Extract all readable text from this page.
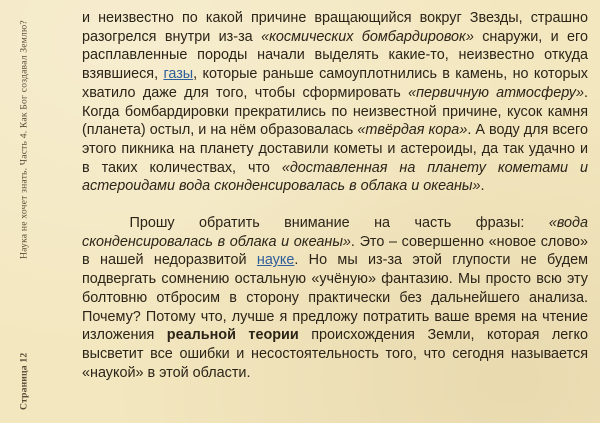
Страница 12
Наука не хочет знать. Часть 4. Как Бог создавал Землю?

и неизвестно по какой причине вращающийся вокруг Звезды, страшно разогрелся внутри из-за «космических бомбардировок» снаружи, и его расплавленные породы начали выделять какие-то, неизвестно откуда взявшиеся, газы, которые раньше самоуплотнились в камень, но которых хватило даже для того, чтобы сформировать «первичную атмосферу». Когда бомбардировки прекратились по неизвестной причине, кусок камня (планета) остыл, и на нём образовалась «твёрдая кора». А воду для всего этого пикника на планету доставили кометы и астероиды, да так удачно и в таких количествах, что «доставленная на планету кометами и астероидами вода сконденсировалась в облака и океаны».

Прошу обратить внимание на часть фразы: «вода сконденсировалась в облака и океаны». Это – совершенно «новое слово» в нашей недоразвитой науке. Но мы из-за этой глупости не будем подвергать сомнению остальную «учёную» фантазию. Мы просто всю эту болтовню отбросим в сторону практически без дальнейшего анализа. Почему? Потому что, лучше я предложу потратить ваше время на чтение изложения реальной теории происхождения Земли, которая легко высветит все ошибки и несостоятельность того, что сегодня называется «наукой» в этой области.
